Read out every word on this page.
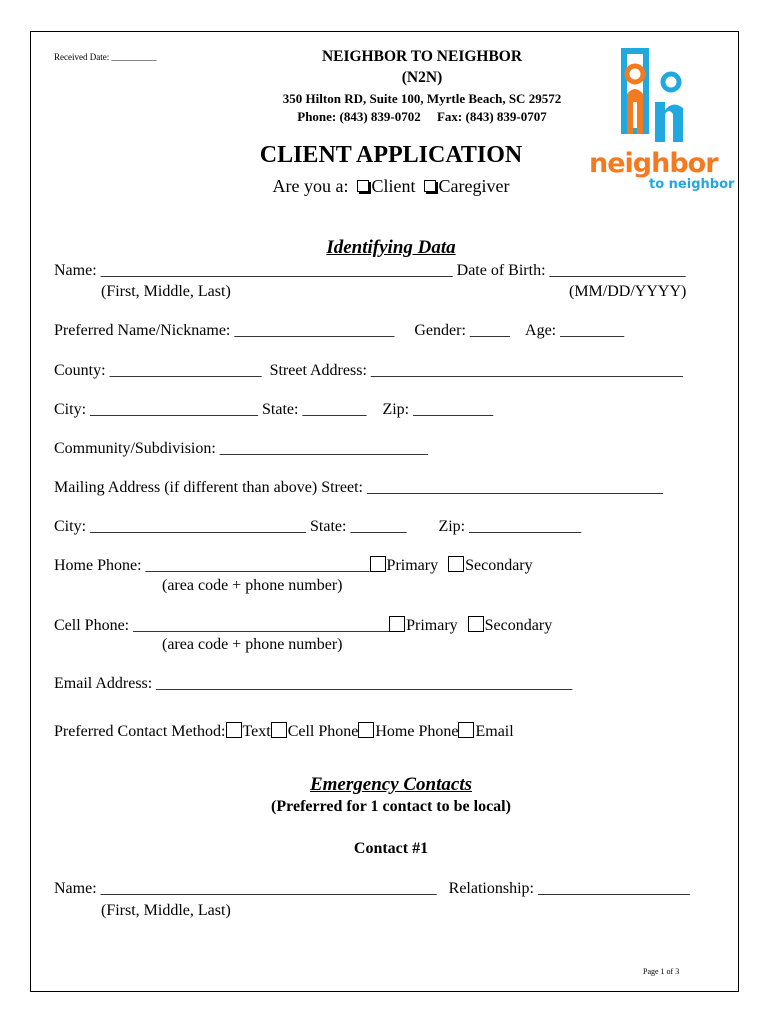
Received Date: __________	NEIGHBOR TO NEIGHBOR
(N2N)
350 Hilton RD, Suite 100, Myrtle Beach, SC 29572
Phone: (843) 839-0702     Fax: (843) 839-0707
neighbor
to neighbor
CLIENT APPLICATION
Are you a: Client Caregiver
Identifying Data
Name: ____________________________________________ Date of Birth: _________________
(First, Middle, Last)	(MM/DD/YYYY)
Preferred Name/Nickname: ____________________     Gender: _____    Age: ________
County: ___________________  Street Address: _______________________________________
City: _____________________ State: ________    Zip: __________
Community/Subdivision: __________________________
Mailing Address (if different than above) Street: _____________________________________
City: ___________________________ State: _______        Zip: ______________
Home Phone: ____________________________ Primary Secondary
(area code + phone number)
Cell Phone: ________________________________ Primary Secondary
(area code + phone number)
Email Address: ____________________________________________________
Preferred Contact Method: Text Cell Phone Home Phone Email
Emergency Contacts
(Preferred for 1 contact to be local)
Contact #1
Name: __________________________________________   Relationship: ___________________
(First, Middle, Last)
Page 1 of 3
